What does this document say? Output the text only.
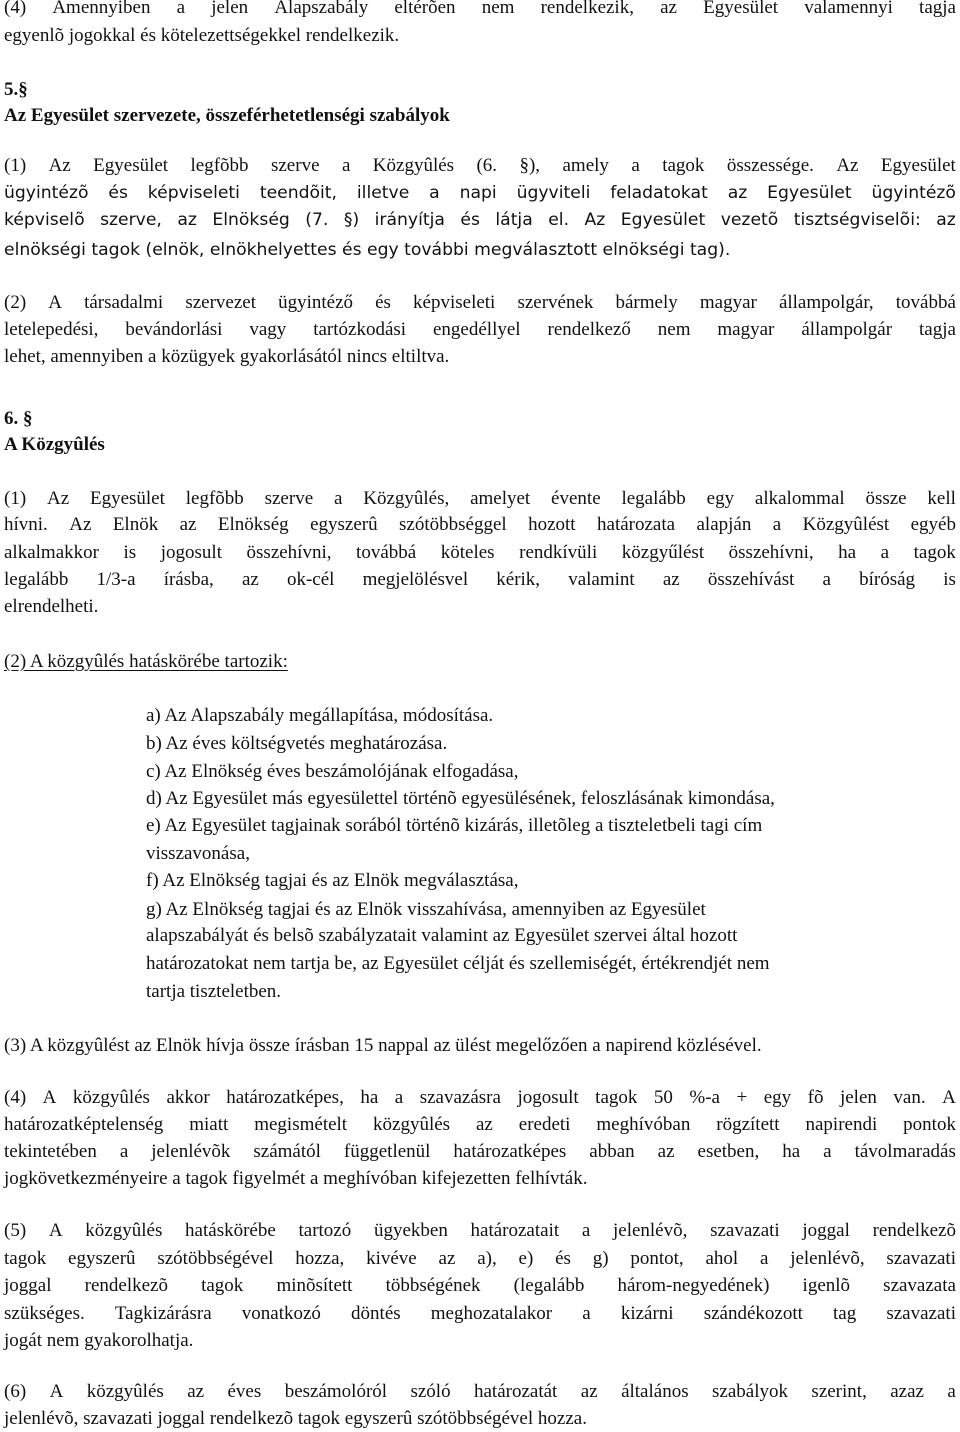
(4) Amennyiben a jelen Alapszabály eltérõen nem rendelkezik, az Egyesület valamennyi tagja
egyenlõ jogokkal és kötelezettségekkel rendelkezik.
5.§
Az Egyesület szervezete, összeférhetetlenségi szabályok
(1) Az Egyesület legfõbb szerve a Közgyûlés (6. §), amely a tagok összessége. Az Egyesület
ügyintézõ és képviseleti teendõit, illetve a napi ügyviteli feladatokat az Egyesület ügyintézõ
képviselõ szerve, az Elnökség (7. §) irányítja és látja el. Az Egyesület vezetõ tisztségviselõi: az
elnökségi tagok (elnök, elnökhelyettes és egy további megválasztott elnökségi tag).
(2) A társadalmi szervezet ügyintéző és képviseleti szervének bármely magyar állampolgár, továbbá
letelepedési, bevándorlási vagy tartózkodási engedéllyel rendelkező nem magyar állampolgár tagja
lehet, amennyiben a közügyek gyakorlásától nincs eltiltva.
6. §
A Közgyûlés
(1) Az Egyesület legfõbb szerve a Közgyûlés, amelyet évente legalább egy alkalommal össze kell
hívni. Az Elnök az Elnökség egyszerû szótöbbséggel hozott határozata alapján a Közgyûlést egyéb
alkalmakkor is jogosult összehívni, továbbá köteles rendkívüli közgyűlést összehívni, ha a tagok
legalább 1/3-a írásba, az ok-cél megjelölésvel kérik, valamint az összehívást a bíróság is
elrendelheti.
(2) A közgyûlés hatáskörébe tartozik:
a) Az Alapszabály megállapítása, módosítása.
b) Az éves költségvetés meghatározása.
c) Az Elnökség éves beszámolójának elfogadása,
d) Az Egyesület más egyesülettel történõ egyesülésének, feloszlásának kimondása,
e) Az Egyesület tagjainak sorából történõ kizárás, illetõleg a tiszteletbeli tagi cím
visszavonása,
f) Az Elnökség tagjai és az Elnök megválasztása,
g) Az Elnökség tagjai és az Elnök visszahívása, amennyiben az Egyesület
alapszabályát és belsõ szabályzatait valamint az Egyesület szervei által hozott
határozatokat nem tartja be, az Egyesület célját és szellemiségét, értékrendjét nem
tartja tiszteletben.
(3) A közgyûlést az Elnök hívja össze írásban 15 nappal az ülést megelőzően a napirend közlésével.
(4) A közgyûlés akkor határozatképes, ha a szavazásra jogosult tagok 50 %-a + egy fõ jelen van. A
határozatképtelenség miatt megismételt közgyûlés az eredeti meghívóban rögzített napirendi pontok
tekintetében a jelenlévõk számától függetlenül határozatképes abban az esetben, ha a távolmaradás
jogkövetkezményeire a tagok figyelmét a meghívóban kifejezetten felhívták.
(5) A közgyûlés hatáskörébe tartozó ügyekben határozatait a jelenlévõ, szavazati joggal rendelkezõ
tagok egyszerû szótöbbségével hozza, kivéve az a), e) és g) pontot, ahol a jelenlévõ, szavazati
joggal rendelkezõ tagok minõsített többségének (legalább három-negyedének) igenlõ szavazata
szükséges. Tagkizárásra vonatkozó döntés meghozatalakor a kizárni szándékozott tag szavazati
jogát nem gyakorolhatja.
(6) A közgyûlés az éves beszámolóról szóló határozatát az általános szabályok szerint, azaz a
jelenlévõ, szavazati joggal rendelkezõ tagok egyszerû szótöbbségével hozza.
